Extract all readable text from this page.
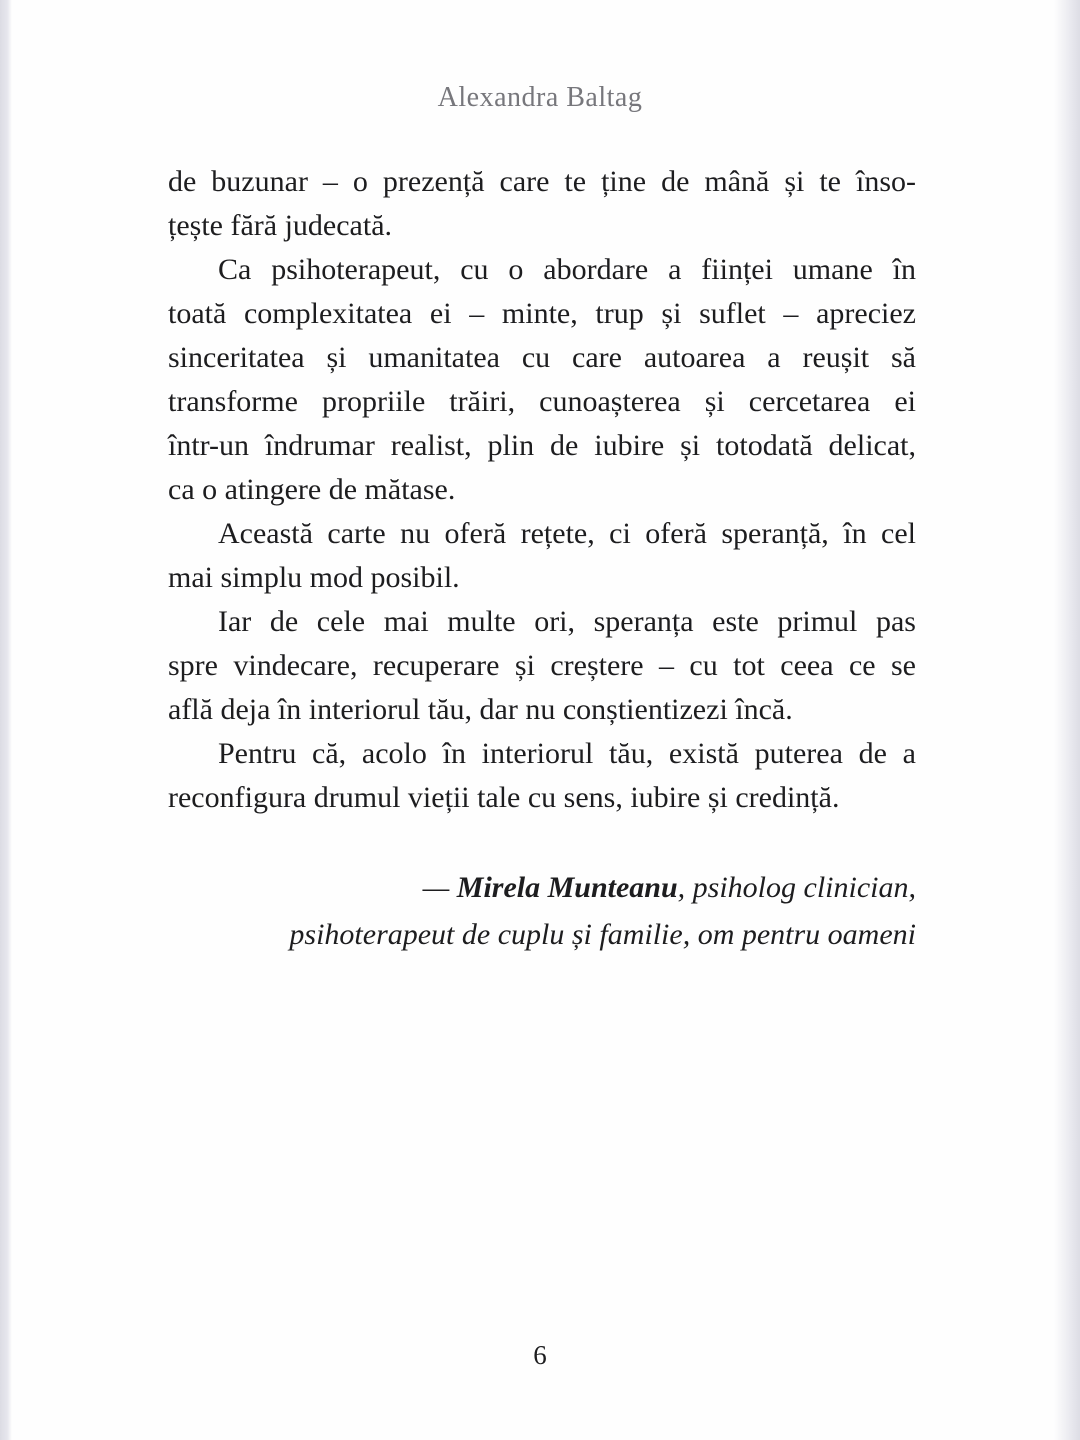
Alexandra Baltag
de buzunar – o prezență care te ține de mână și te înso-
țește fără judecată.
Ca psihoterapeut, cu o abordare a ființei umane în
toată complexitatea ei – minte, trup și suflet – apreciez
sinceritatea și umanitatea cu care autoarea a reușit să
transforme propriile trăiri, cunoașterea și cercetarea ei
într-un îndrumar realist, plin de iubire și totodată delicat,
ca o atingere de mătase.
Această carte nu oferă rețete, ci oferă speranță, în cel
mai simplu mod posibil.
Iar de cele mai multe ori, speranța este primul pas
spre vindecare, recuperare și creștere – cu tot ceea ce se
află deja în interiorul tău, dar nu conștientizezi încă.
Pentru că, acolo în interiorul tău, există puterea de a
reconfigura drumul vieții tale cu sens, iubire și credință.
— Mirela Munteanu, psiholog clinician,
psihoterapeut de cuplu și familie, om pentru oameni
6
